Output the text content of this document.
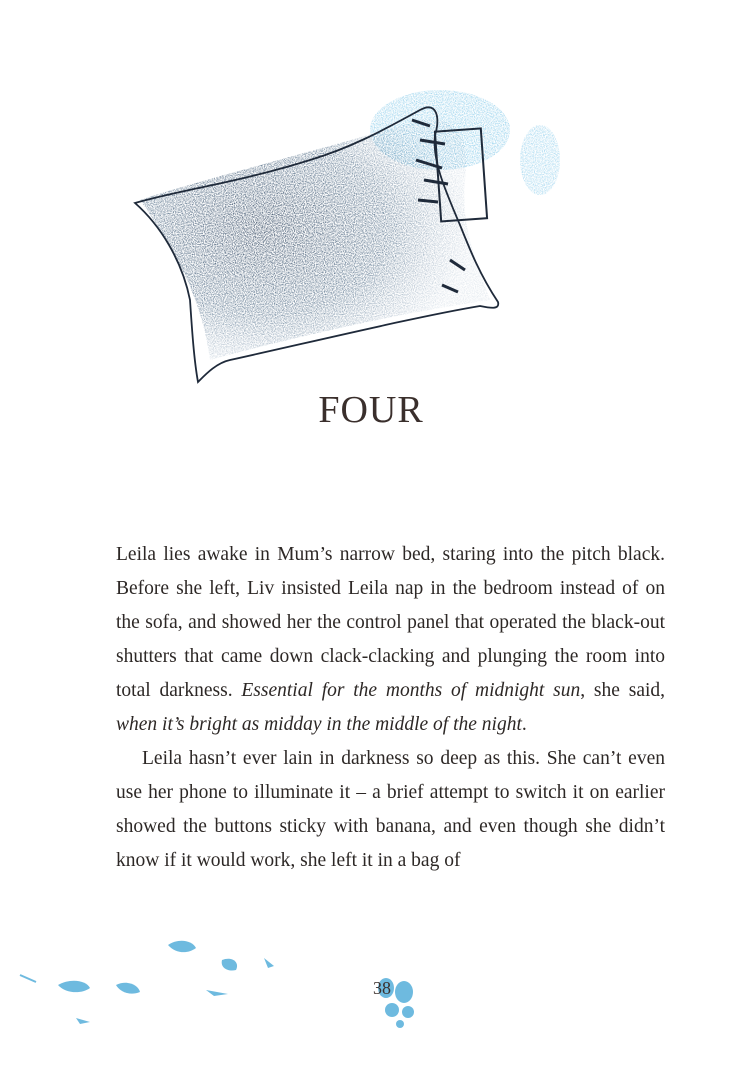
FOUR

Leila lies awake in Mum’s narrow bed, staring into the pitch black. Before she left, Liv insisted Leila nap in the bedroom instead of on the sofa, and showed her the control panel that operated the black-out shutters that came down clack-clacking and plunging the room into total darkness. Essential for the months of midnight sun, she said, when it’s bright as midday in the middle of the night.

Leila hasn’t ever lain in darkness so deep as this. She can’t even use her phone to illuminate it – a brief attempt to switch it on earlier showed the buttons sticky with banana, and even though she didn’t know if it would work, she left it in a bag of

38
